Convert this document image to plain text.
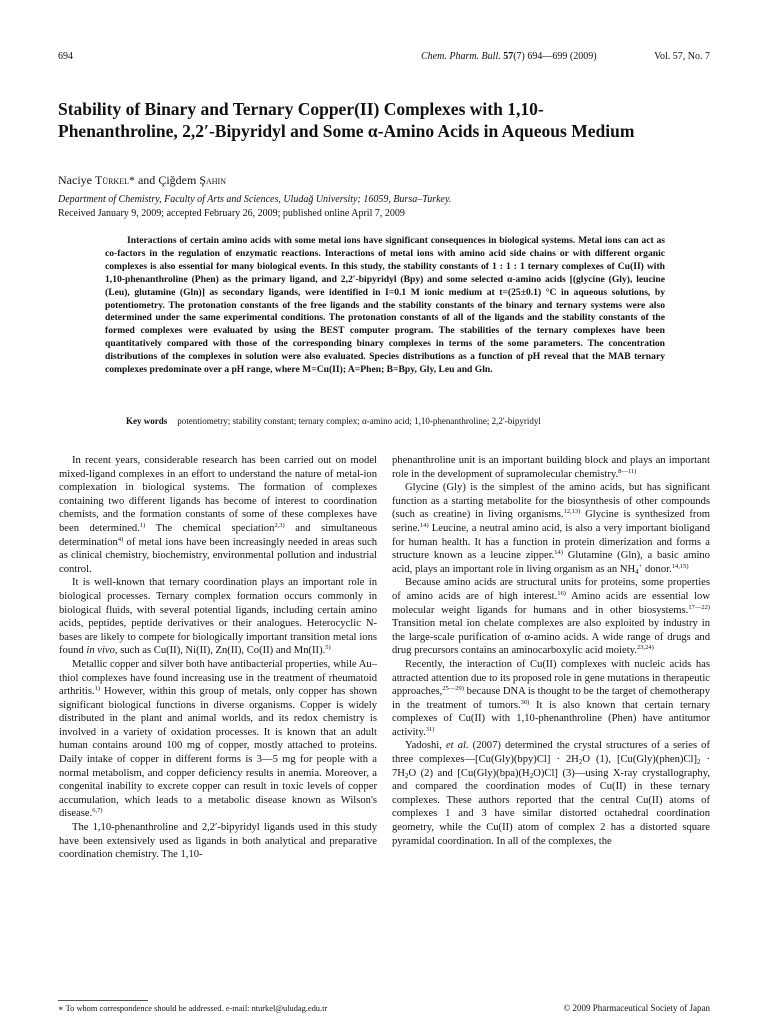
694	Chem. Pharm. Bull. 57(7) 694—699 (2009)	Vol. 57, No. 7
Stability of Binary and Ternary Copper(II) Complexes with 1,10-Phenanthroline, 2,2′-Bipyridyl and Some α-Amino Acids in Aqueous Medium
Naciye Türkel* and Çiğdem Şahin
Department of Chemistry, Faculty of Arts and Sciences, Uludağ University; 16059, Bursa–Turkey.
Received January 9, 2009; accepted February 26, 2009; published online April 7, 2009

Interactions of certain amino acids with some metal ions have significant consequences in biological systems. Metal ions can act as co-factors in the regulation of enzymatic reactions. Interactions of metal ions with amino acid side chains or with different organic complexes is also essential for many biological events. In this study, the stability constants of 1 : 1 : 1 ternary complexes of Cu(II) with 1,10-phenanthroline (Phen) as the primary ligand, and 2,2′-bipyridyl (Bpy) and some selected α-amino acids [(glycine (Gly), leucine (Leu), glutamine (Gln)] as secondary ligands, were identified in I=0.1 M ionic medium at t=(25±0.1) °C in aqueous solutions, by potentiometry. The protonation constants of the free ligands and the stability constants of the binary and ternary systems were also determined under the same experimental conditions. The protonation constants of all of the ligands and the stability constants of the formed complexes were evaluated by using the BEST computer program. The stabilities of the ternary complexes have been quantitatively compared with those of the corresponding binary complexes in terms of the some parameters. The concentration distributions of the complexes in solution were also evaluated. Species distributions as a function of pH reveal that the MAB ternary complexes predominate over a pH range, where M=Cu(II); A=Phen; B=Bpy, Gly, Leu and Gln.

Key words potentiometry; stability constant; ternary complex; α-amino acid; 1,10-phenanthroline; 2,2′-bipyridyl

In recent years, considerable research has been carried out on model mixed-ligand complexes in an effort to understand the nature of metal-ion complexation in biological systems. The formation of complexes containing two different ligands has become of interest to coordination chemists, and the formation constants of some of these complexes have been determined.$^{1)}$ The chemical speciation$^{2,3)}$ and simultaneous determination$^{4)}$ of metal ions have been increasingly needed in areas such as clinical chemistry, biochemistry, environmental pollution and industrial control.

It is well-known that ternary coordination plays an important role in biological processes. Ternary complex formation occurs commonly in biological fluids, with several potential ligands, including certain amino acids, peptides, peptide derivatives or their analogues. Heterocyclic N-bases are likely to compete for biologically important transition metal ions found in vivo, such as Cu(II), Ni(II), Zn(II), Co(II) and Mn(II).$^{5)}$

Metallic copper and silver both have antibacterial properties, while Au–thiol complexes have found increasing use in the treatment of rheumatoid arthritis.$^{1)}$ However, within this group of metals, only copper has shown significant biological functions in diverse organisms. Copper is widely distributed in the plant and animal worlds, and its redox chemistry is involved in a variety of oxidation processes. It is known that an adult human contains around 100 mg of copper, mostly attached to proteins. Daily intake of copper in different forms is 3—5 mg for people with a normal metabolism, and copper deficiency results in anemia. Moreover, a congenital inability to excrete copper can result in toxic levels of copper accumulation, which leads to a metabolic disease known as Wilson's disease.$^{6,7)}$

The 1,10-phenanthroline and 2,2′-bipyridyl ligands used in this study have been extensively used as ligands in both analytical and preparative coordination chemistry. The 1,10-

phenanthroline unit is an important building block and plays an important role in the development of supramolecular chemistry.$^{8—11)}$

Glycine (Gly) is the simplest of the amino acids, but has significant function as a starting metabolite for the biosynthesis of other compounds (such as creatine) in living organisms.$^{12,13)}$ Glycine is synthesized from serine.$^{14)}$ Leucine, a neutral amino acid, is also a very important bioligand for human health. It has a function in protein dimerization and forms a structure known as a leucine zipper.$^{14)}$ Glutamine (Gln), a basic amino acid, plays an important role in living organism as an $NH_4^+$ donor.$^{14,15)}$

Because amino acids are structural units for proteins, some properties of amino acids are of high interest.$^{16)}$ Amino acids are essential low molecular weight ligands for humans and in other biosystems.$^{17—22)}$ Transition metal ion chelate complexes are also exploited by industry in the large-scale purification of α-amino acids. A wide range of drugs and drug precursors contains an aminocarboxylic acid moiety.$^{23,24)}$

Recently, the interaction of Cu(II) complexes with nucleic acids has attracted attention due to its proposed role in gene mutations in therapeutic approaches,$^{25—29)}$ because DNA is thought to be the target of chemotherapy in the treatment of tumors.$^{30)}$ It is also known that certain ternary complexes of Cu(II) with 1,10-phenanthroline (Phen) have antitumor activity.$^{31)}$

Yadoshi, et al. (2007) determined the crystal structures of a series of three complexes—[Cu(Gly)(bpy)Cl] · $2H_2O$ (1), $[Cu(Gly)(phen)Cl]_2 \cdot 7H_2O$ (2) and $[Cu(Gly)(bpa)(H_2O)Cl]$ (3)—using X-ray crystallography, and compared the coordination modes of Cu(II) in these ternary complexes. These authors reported that the central Cu(II) atoms of complexes 1 and 3 have similar distorted octahedral coordination geometry, while the Cu(II) atom of complex 2 has a distorted square pyramidal coordination. In all of the complexes, the

∗ To whom correspondence should be addressed. e-mail: nturkel@uludag.edu.tr	© 2009 Pharmaceutical Society of Japan
